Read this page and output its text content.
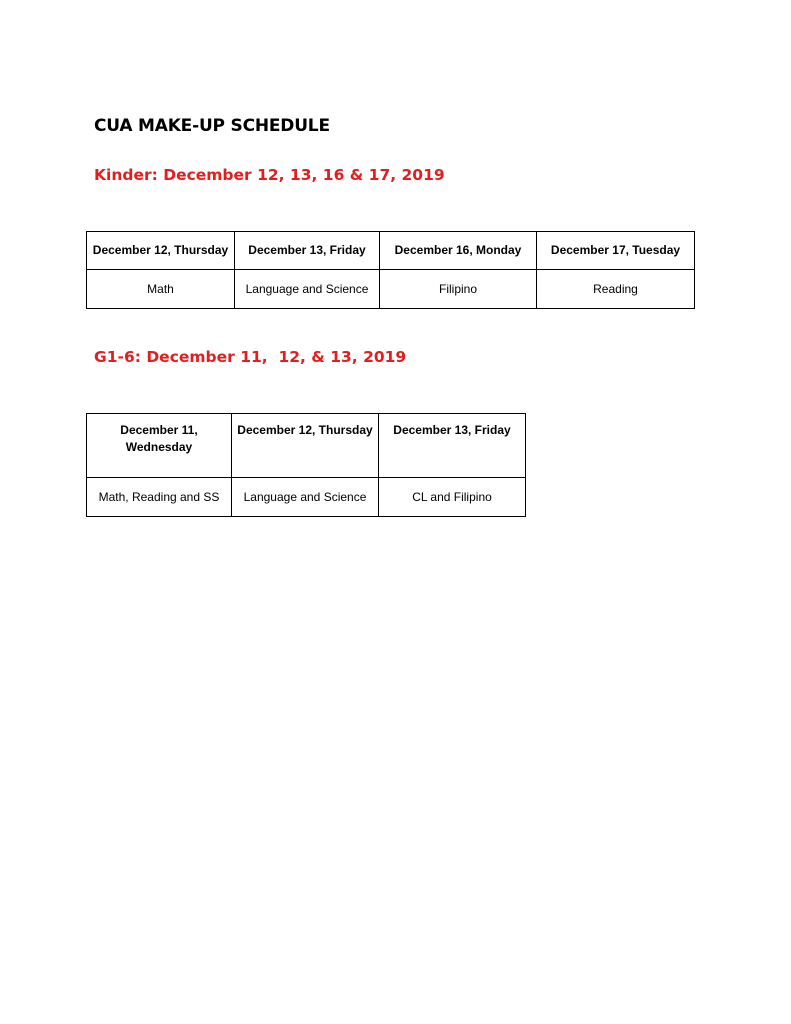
CUA MAKE-UP SCHEDULE
Kinder: December 12, 13, 16 & 17, 2019
December 12, Thursday	December 13, Friday	December 16, Monday	December 17, Tuesday
Math	Language and Science	Filipino	Reading
G1-6: December 11,  12, & 13, 2019
December 11, Wednesday	December 12, Thursday	December 13, Friday
Math, Reading and SS	Language and Science	CL and Filipino
